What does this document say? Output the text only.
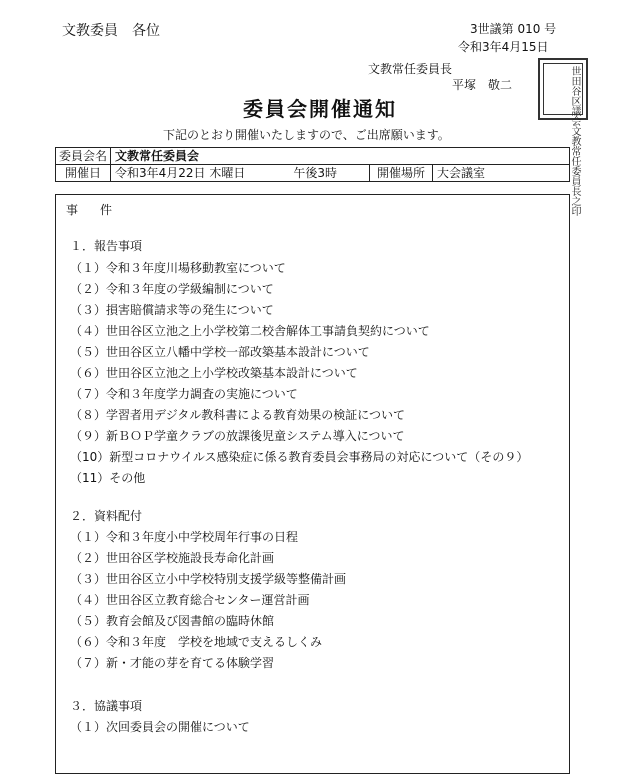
文教委員　各位	3世議第 010 号
令和3年4月15日
文教常任委員長
平塚　敬二	世田谷区議会文教常任委員長之印
委員会開催通知
下記のとおり開催いたしますので、ご出席願います。
委員会名	文教常任委員会		
開催日	令和3年4月22日 木曜日　　　　午後3時	開催場所	大会議室
事件
１．報告事項
（１）令和３年度川場移動教室について
（２）令和３年度の学級編制について
（３）損害賠償請求等の発生について
（４）世田谷区立池之上小学校第二校舎解体工事請負契約について
（５）世田谷区立八幡中学校一部改築基本設計について
（６）世田谷区立池之上小学校改築基本設計について
（７）令和３年度学力調査の実施について
（８）学習者用デジタル教科書による教育効果の検証について
（９）新ＢＯＰ学童クラブの放課後児童システム導入について
（10）新型コロナウイルス感染症に係る教育委員会事務局の対応について（その９）
（11）その他
２．資料配付
（１）令和３年度小中学校周年行事の日程
（２）世田谷区学校施設長寿命化計画
（３）世田谷区立小中学校特別支援学級等整備計画
（４）世田谷区立教育総合センター運営計画
（５）教育会館及び図書館の臨時休館
（６）令和３年度　学校を地域で支えるしくみ
（７）新・才能の芽を育てる体験学習
３．協議事項
（１）次回委員会の開催について
